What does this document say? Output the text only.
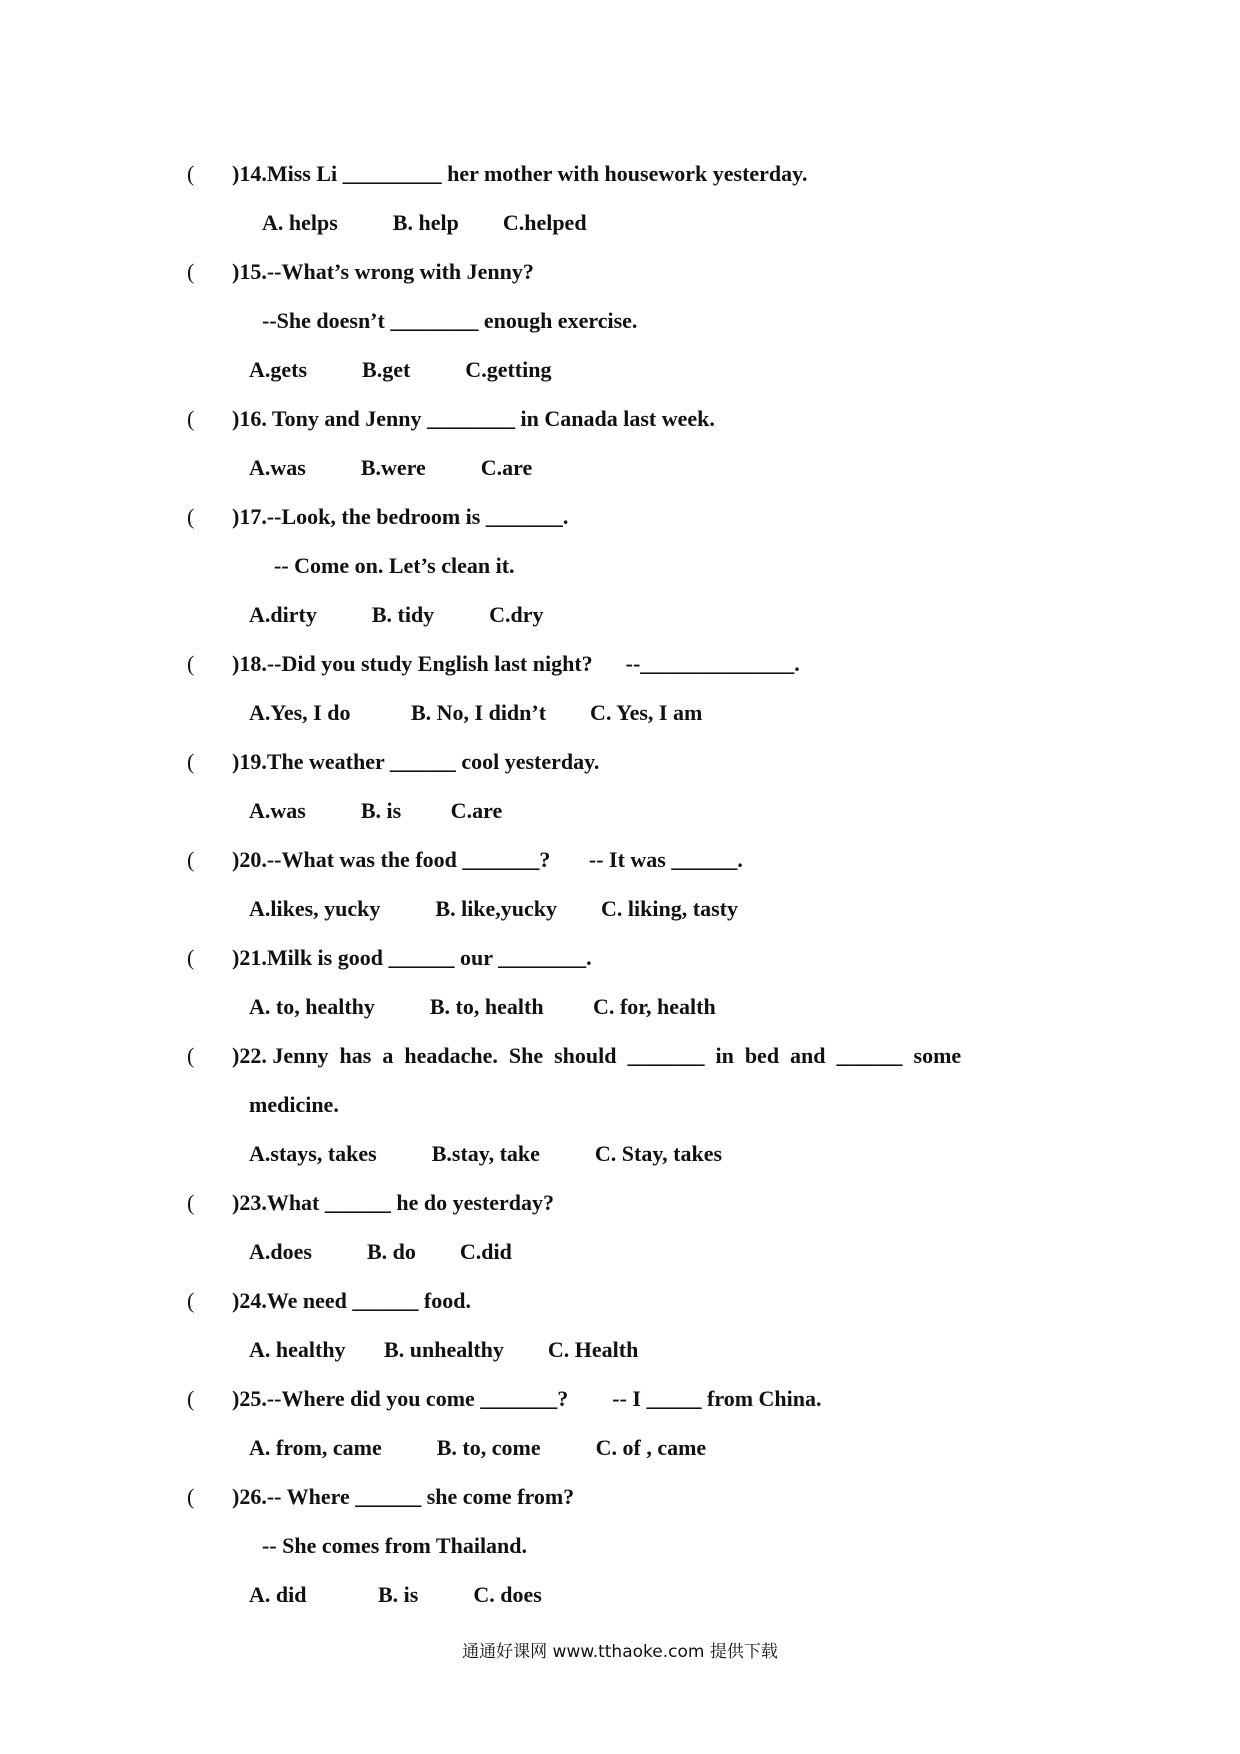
( )14.Miss Li _________ her mother with housework yesterday.
A. helps          B. help        C.helped
( )15.--What’s wrong with Jenny?
--She doesn’t ________ enough exercise.
A.gets          B.get          C.getting
( )16. Tony and Jenny ________ in Canada last week.
A.was          B.were          C.are
( )17.--Look, the bedroom is _______.
-- Come on. Let’s clean it.
A.dirty          B. tidy          C.dry
( )18.--Did you study English last night?      --______________.
A.Yes, I do           B. No, I didn’t        C. Yes, I am
( )19.The weather ______ cool yesterday.
A.was          B. is         C.are
( )20.--What was the food _______?       -- It was ______.
A.likes, yucky          B. like,yucky        C. liking, tasty
( )21.Milk is good ______ our ________.
A. to, healthy          B. to, health         C. for, health
( )22. Jenny  has  a  headache.  She  should  _______  in  bed  and  ______  some
medicine.
A.stays, takes          B.stay, take          C. Stay, takes
( )23.What ______ he do yesterday?
A.does          B. do        C.did
( )24.We need ______ food.
A. healthy       B. unhealthy        C. Health
( )25.--Where did you come _______?        -- I _____ from China.
A. from, came          B. to, come          C. of , came
( )26.-- Where ______ she come from?
-- She comes from Thailand.
A. did             B. is          C. does
通通好课网 www.tthaoke.com 提供下载
